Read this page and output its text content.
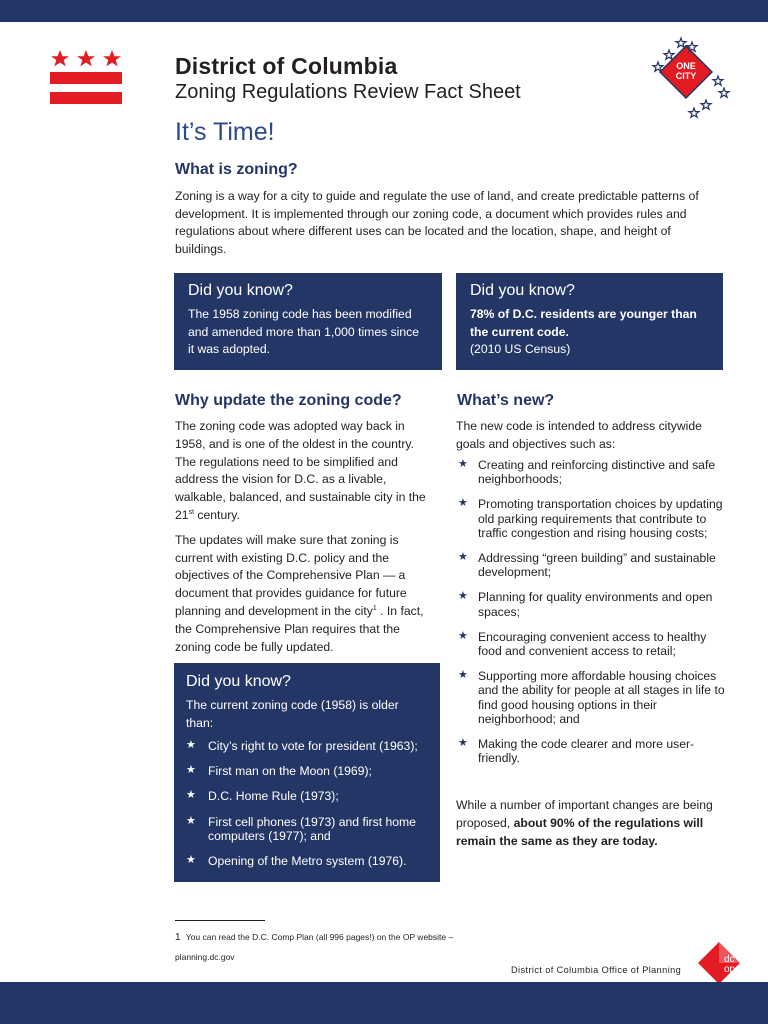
ONE
CITY
District of Columbia
Zoning Regulations Review Fact Sheet
It’s Time!
What is zoning?
Zoning is a way for a city to guide and regulate the use of land, and create predictable patterns of development. It is implemented through our zoning code, a document which provides rules and regulations about where different uses can be located and the location, shape, and height of buildings.
Did you know?

The 1958 zoning code has been modified and amended more than 1,000 times since it was adopted.

Did you know?

78% of D.C. residents are younger than the current code.

(2010 US Census)

Why update the zoning code?

The zoning code was adopted way back in 1958, and is one of the oldest in the country. The regulations need to be simplified and address the vision for D.C. as a livable, walkable, balanced, and sustainable city in the 21st century.

The updates will make sure that zoning is current with existing D.C. policy and the objectives of the Comprehensive Plan — a document that provides guidance for future planning and development in the city$^1$ . In fact, the Comprehensive Plan requires that the zoning code be fully updated.

What’s new?
The new code is intended to address citywide goals and objectives such as:
★ Creating and reinforcing distinctive and safe neighborhoods;
★ Promoting transportation choices by updating old parking requirements that contribute to traffic congestion and rising housing costs;
★ Addressing “green building” and sustainable development;
★ Planning for quality environments and open spaces;
★ Encouraging convenient access to healthy food and convenient access to retail;
★ Supporting more affordable housing choices and the ability for people at all stages in life to find good housing options in their neighborhood; and
★ Making the code clearer and more user-friendly.
While a number of important changes are being proposed, about 90% of the regulations will remain the same as they are today.
Did you know?

The current zoning code (1958) is older than:

★ City’s right to vote for president (1963);
★ First man on the Moon (1969);
★ D.C. Home Rule (1973);
★ First cell phones (1973) and first home computers (1977); and
★ Opening of the Metro system (1976).
1 You can read the D.C. Comp Plan (all 996 pages!) on the OP website – planning.dc.gov
District of Columbia Office of Planning
dc
op
